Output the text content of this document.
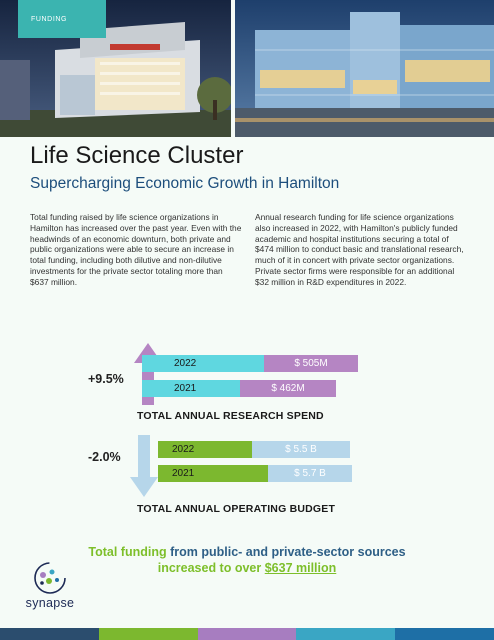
FUNDING
Life Science Cluster
Supercharging Economic Growth in Hamilton
Total funding raised by life science organizations in Hamilton has increased over the past year. Even with the headwinds of an economic downturn, both private and public organizations were able to secure an increase in total funding, including both dilutive and non-dilutive investments for the private sector totaling more than $637 million.
Annual research funding for life science organizations also increased in 2022, with Hamilton's publicly funded academic and hospital institutions securing a total of $474 million to conduct basic and translational research, much of it in concert with private sector organizations. Private sector firms were responsible for an additional $32 million in R&D expenditures in 2022.
+9.5%
2022	$ 505M
2021	$ 462M
TOTAL ANNUAL RESEARCH SPEND
-2.0%
2022	$ 5.5 B
2021	$ 5.7 B
TOTAL ANNUAL OPERATING BUDGET
Total funding from public- and private-sector sources increased to over $637 million
synapse
